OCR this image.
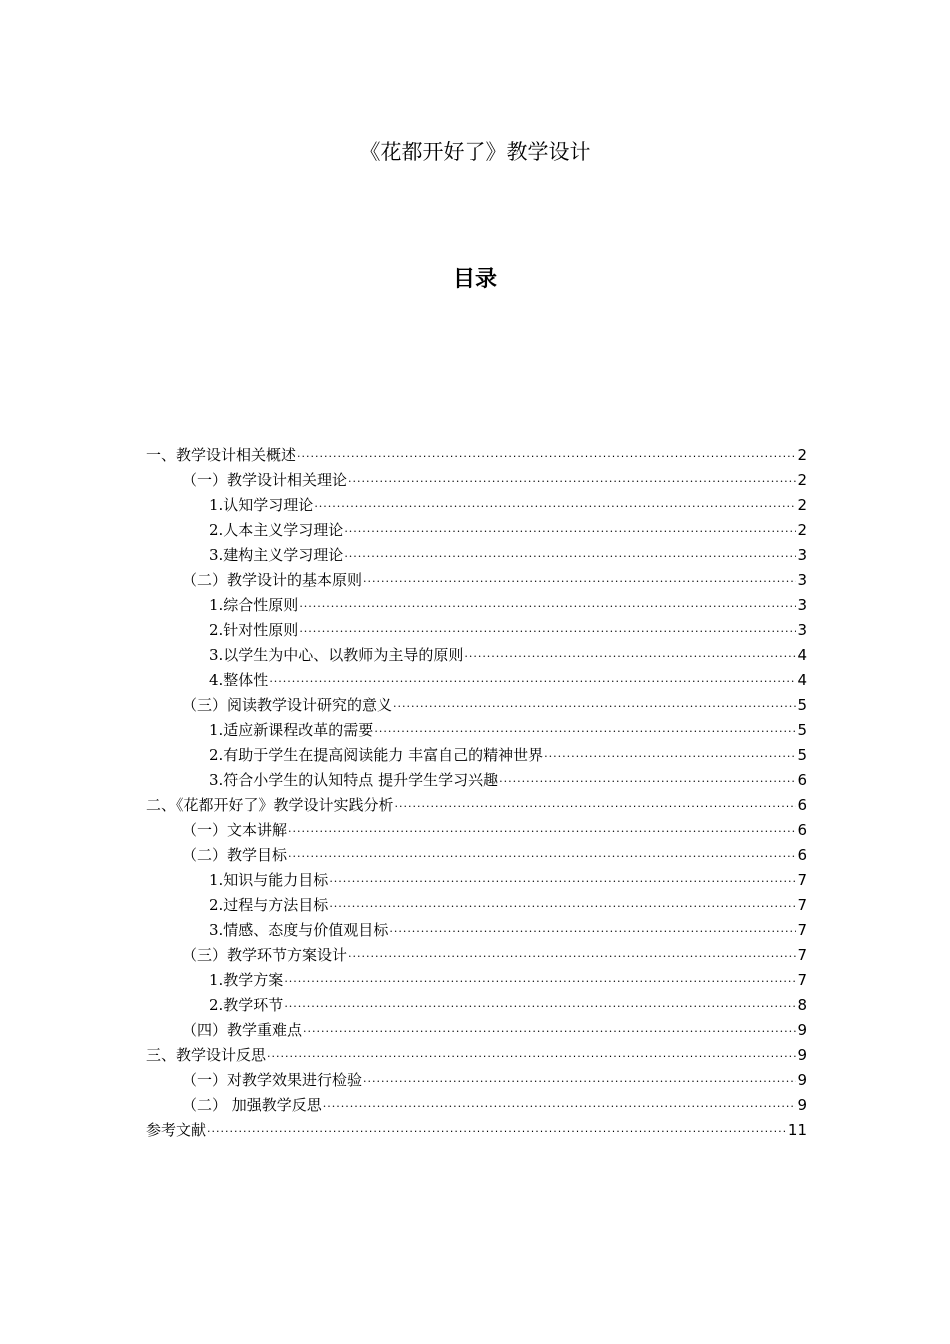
《花都开好了》教学设计
目录
一、教学设计相关概述 .....	2
（一）教学设计相关理论 .....	2
1.认知学习理论 .....	2
2.人本主义学习理论 .....	2
3.建构主义学习理论 .....	3
（二）教学设计的基本原则 .....	3
1.综合性原则 .....	3
2.针对性原则 .....	3
3.以学生为中心、以教师为主导的原则 .....	4
4.整体性 .....	4
（三）阅读教学设计研究的意义 .....	5
1.适应新课程改革的需要 .....	5
2.有助于学生在提高阅读能力 丰富自己的精神世界 .....	5
3.符合小学生的认知特点 提升学生学习兴趣 .....	6
二、《花都开好了》教学设计实践分析 .....	6
（一）文本讲解 .....	6
（二）教学目标 .....	6
1.知识与能力目标 .....	7
2.过程与方法目标 .....	7
3.情感、态度与价值观目标 .....	7
（三）教学环节方案设计 .....	7
1.教学方案 .....	7
2.教学环节 .....	8
（四）教学重难点 .....	9
三、教学设计反思 .....	9
（一）对教学效果进行检验 .....	9
（二） 加强教学反思 .....	9
参考文献 .....	11
